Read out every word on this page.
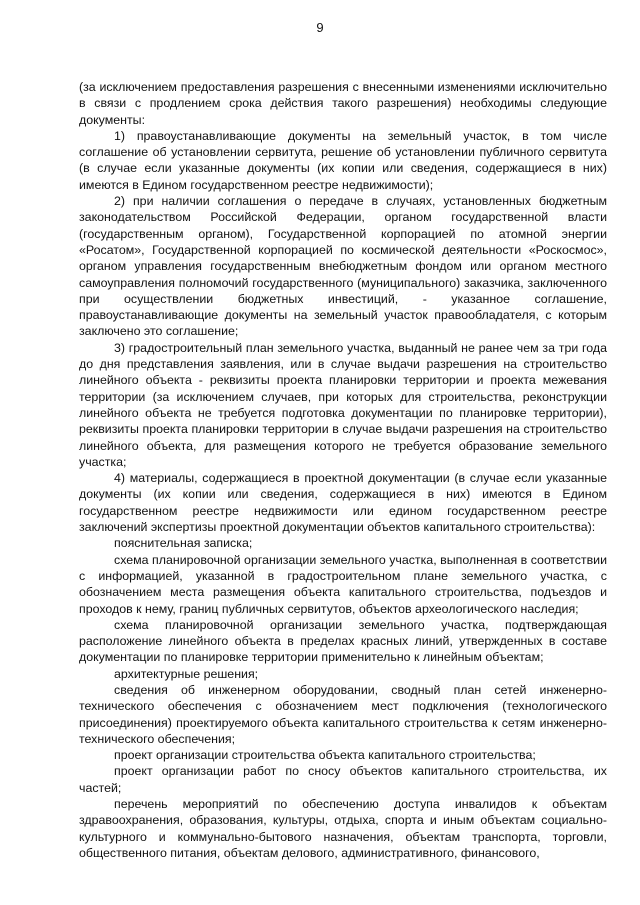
9

(за исключением предоставления разрешения с внесенными изменениями исключительно в связи с продлением срока действия такого разрешения) необходимы следующие документы:

1) правоустанавливающие документы на земельный участок, в том числе соглашение об установлении сервитута, решение об установлении публичного сервитута (в случае если указанные документы (их копии или сведения, содержащиеся в них) имеются в Едином государственном реестре недвижимости);

2) при наличии соглашения о передаче в случаях, установленных бюджетным законодательством Российской Федерации, органом государственной власти (государственным органом), Государственной корпорацией по атомной энергии «Росатом», Государственной корпорацией по космической деятельности «Роскосмос», органом управления государственным внебюджетным фондом или органом местного самоуправления полномочий государственного (муниципального) заказчика, заключенного при осуществлении бюджетных инвестиций, - указанное соглашение, правоустанавливающие документы на земельный участок правообладателя, с которым заключено это соглашение;

3) градостроительный план земельного участка, выданный не ранее чем за три года до дня представления заявления, или в случае выдачи разрешения на строительство линейного объекта - реквизиты проекта планировки территории и проекта межевания территории (за исключением случаев, при которых для строительства, реконструкции линейного объекта не требуется подготовка документации по планировке территории), реквизиты проекта планировки территории в случае выдачи разрешения на строительство линейного объекта, для размещения которого не требуется образование земельного участка;

4) материалы, содержащиеся в проектной документации (в случае если указанные документы (их копии или сведения, содержащиеся в них) имеются в Едином государственном реестре недвижимости или едином государственном реестре заключений экспертизы проектной документации объектов капитального строительства):

пояснительная записка;

схема планировочной организации земельного участка, выполненная в соответствии с информацией, указанной в градостроительном плане земельного участка, с обозначением места размещения объекта капитального строительства, подъездов и проходов к нему, границ публичных сервитутов, объектов археологического наследия;

схема планировочной организации земельного участка, подтверждающая расположение линейного объекта в пределах красных линий, утвержденных в составе документации по планировке территории применительно к линейным объектам;

архитектурные решения;

сведения об инженерном оборудовании, сводный план сетей инженерно-технического обеспечения с обозначением мест подключения (технологического присоединения) проектируемого объекта капитального строительства к сетям инженерно-технического обеспечения;

проект организации строительства объекта капитального строительства;

проект организации работ по сносу объектов капитального строительства, их частей;

перечень мероприятий по обеспечению доступа инвалидов к объектам здравоохранения, образования, культуры, отдыха, спорта и иным объектам социально-культурного и коммунально-бытового назначения, объектам транспорта, торговли, общественного питания, объектам делового, административного, финансового,
